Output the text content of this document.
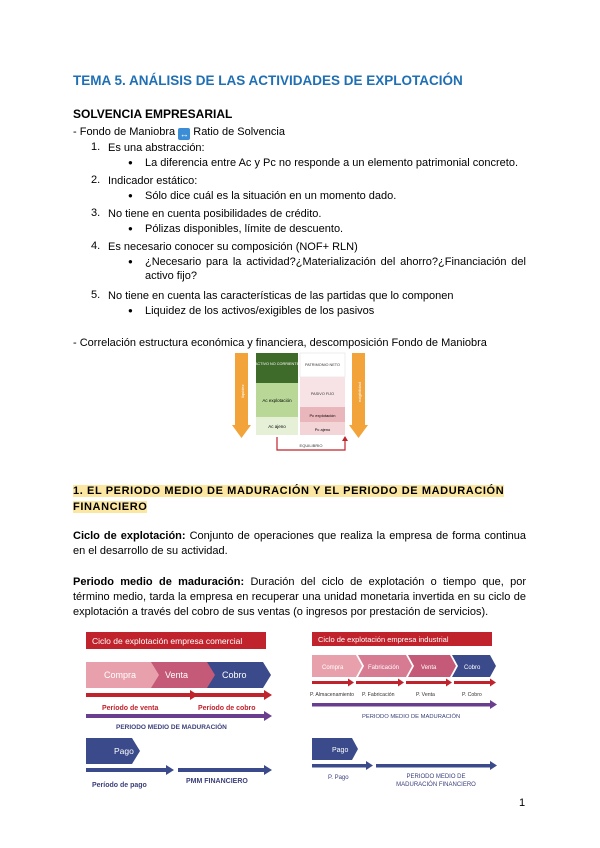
TEMA 5. ANÁLISIS DE LAS ACTIVIDADES DE EXPLOTACIÓN
SOLVENCIA EMPRESARIAL
- Fondo de Maniobra ↔ Ratio de Solvencia
1. Es una abstracción:
● La diferencia entre Ac y Pc no responde a un elemento patrimonial concreto.
2. Indicador estático:
● Sólo dice cuál es la situación en un momento dado.
3. No tiene en cuenta posibilidades de crédito.
● Pólizas disponibles, límite de descuento.
4. Es necesario conocer su composición (NOF+ RLN)
● ¿Necesario para la actividad?¿Materialización del ahorro?¿Financiación del
activo fijo?
5. No tiene en cuenta las características de las partidas que lo componen
● Liquidez de los activos/exigibles de los pasivos
- Correlación estructura económica y financiera, descomposición Fondo de Maniobra
liquidez	exigibilidad
ACTIVO NO CORRIENTE
Ac explotación
Ac ajeno
PATRIMONIO NETO
PASIVO FIJO
Pc explotación
Pc ajeno
EQUILIBRIO
1. EL PERIODO MEDIO DE MADURACIÓN Y EL PERIODO DE MADURACIÓN FINANCIERO
Ciclo de explotación: Conjunto de operaciones que realiza la empresa de forma continua en el desarrollo de su actividad.
Periodo medio de maduración: Duración del ciclo de explotación o tiempo que, por término medio, tarda la empresa en recuperar una unidad monetaria invertida en su ciclo de explotación a través del cobro de sus ventas (o ingresos por prestación de servicios).
Ciclo de explotación empresa comercial
Compra	Venta	Cobro
Período de venta	Período de cobro
PERIODO MEDIO DE MADURACIÓN
Pago
Período de pago
PMM FINANCIERO
Ciclo de explotación empresa industrial
Compra	Fabricación	Venta	Cobro
P. Almacenamiento P. Fabricación	P. Venta	P. Cobro
PERIODO MEDIO DE MADURACIÓN
Pago
P. Pago	PERIODO MEDIO DE
MADURACIÓN FINANCIERO
1
